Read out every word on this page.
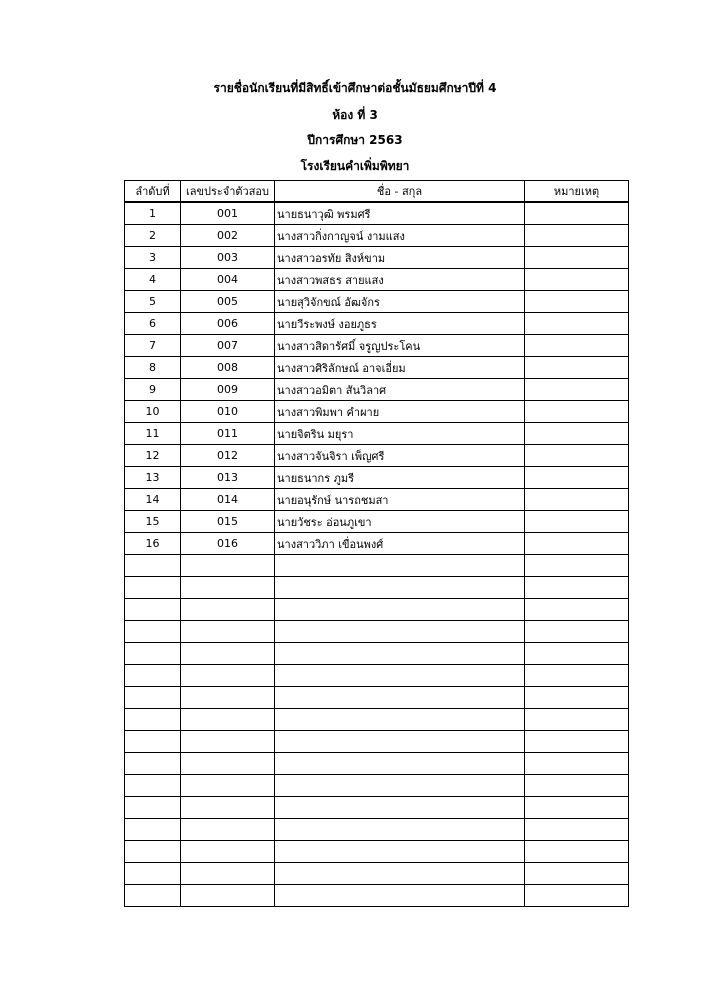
รายชื่อนักเรียนที่มีสิทธิ์เข้าศึกษาต่อชั้นมัธยมศึกษาปีที่ 4
ห้อง ที่ 3
ปีการศึกษา 2563
โรงเรียนคำเพิ่มพิทยา
ลำดับที่	เลขประจำตัวสอบ	ชื่อ - สกุล	หมายเหตุ
1	001	นายธนาวุฒิ พรมศรี	
2	002	นางสาวกิ่งกาญจน์ งามแสง	
3	003	นางสาวอรทัย สิงห์ขาม	
4	004	นางสาวพสธร สายแสง	
5	005	นายสุวิจักขณ์ อัฒจักร	
6	006	นายวีระพงษ์ งอยภูธร	
7	007	นางสาวสิดารัศมิ์ จรูญประโคน	
8	008	นางสาวศิริลักษณ์ อาจเอี่ยม	
9	009	นางสาวอมิตา สันวิลาศ	
10	010	นางสาวพิมพา คำผาย	
11	011	นายจิตริน มยุรา	
12	012	นางสาวจันจิรา เพ็ญศรี	
13	013	นายธนากร ภูมรี	
14	014	นายอนุรักษ์ นารถชมสา	
15	015	นายวัชระ อ่อนภูเขา	
16	016	นางสาววิภา เขื่อนพงศ์	
